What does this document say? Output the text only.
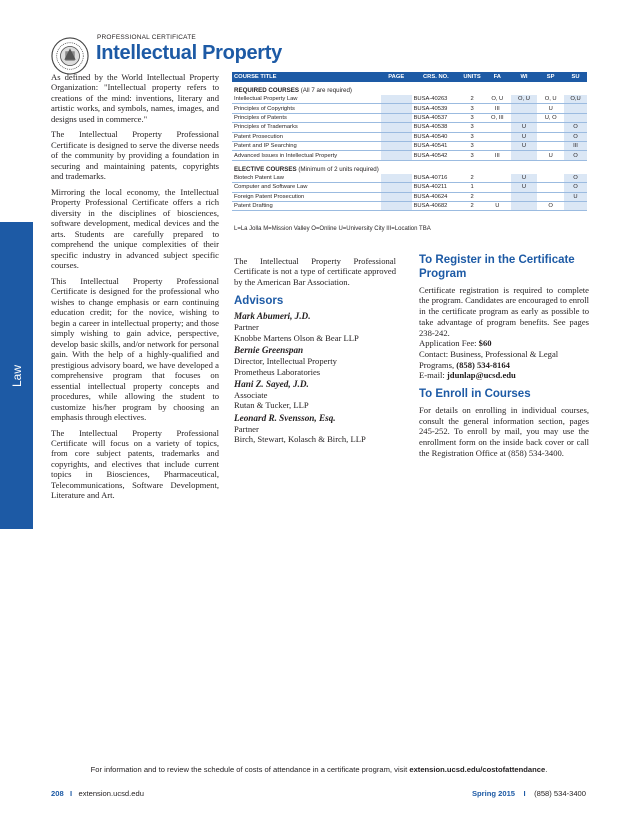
Law
PROFESSIONAL CERTIFICATE
Intellectual Property

As defined by the World Intellectual Property Organization: "Intellectual property refers to creations of the mind: inventions, literary and artistic works, and symbols, names, images, and designs used in commerce."

The Intellectual Property Professional Certificate is designed to serve the diverse needs of the community by providing a foundation in securing and maintaining patents, copyrights and trademarks.

Mirroring the local economy, the Intellectual Property Professional Certificate offers a rich diversity in the disciplines of biosciences, software development, medical devices and the arts. Students are carefully prepared to comprehend the unique complexities of their specific industry in advanced subject specific courses.

This Intellectual Property Professional Certificate is designed for the professional who wishes to change emphasis or earn continuing education credit; for the novice, wishing to begin a career in intellectual property; and those simply wishing to gain advice, perspective, develop basic skills, and/or network for personal gain. With the help of a highly-qualified and prestigious advisory board, we have developed a comprehensive program that focuses on essential intellectual property concepts and procedures, while allowing the student to customize his/her program by choosing an emphasis through electives.

The Intellectual Property Professional Certificate will focus on a variety of topics, from core subject patents, trademarks and copyrights, and electives that include current topics in Biosciences, Pharmaceutical, Telecommunications, Software Development, Literature and Art.

COURSE TITLE	PAGE	CRS. NO.	UNITS	FA	WI	SP	SU
REQUIRED COURSES (All 7 are required)							
Intellectual Property Law		BUSA-40263	2	O, U	O, U	O, U	O,U
Principles of Copyrights		BUSA-40539	3	III		U	
Principles of Patents		BUSA-40537	3	O, III		U, O	
Principles of Trademarks		BUSA-40538	3		U		O
Patent Prosecution		BUSA-40540	3		U		O
Patent and IP Searching		BUSA-40541	3		U		III
Advanced Issues in Intellectual Property		BUSA-40542	3	III		U	O
ELECTIVE COURSES (Minimum of 2 units required)							
Biotech Patent Law		BUSA-40716	2		U		O
Computer and Software Law		BUSA-40211	1		U		O
Foreign Patent Prosecution		BUSA-40624	2				U
Patent Drafting		BUSA-40682	2	U		O	
L=La Jolla M=Mission Valley O=Online U=University City III=Location TBA

The Intellectual Property Professional Certificate is not a type of certificate approved by the American Bar Association.

Advisors
Mark Abumeri, J.D.
Partner
Knobbe Martens Olson & Bear LLP
Bernie Greenspan
Director, Intellectual Property
Prometheus Laboratories
Hani Z. Sayed, J.D.
Associate
Rutan & Tucker, LLP
Leonard R. Svensson, Esq.
Partner
Birch, Stewart, Kolasch & Birch, LLP
To Register in the Certificate Program

Certificate registration is required to complete the program. Candidates are encouraged to enroll in the certificate program as early as possible to take advantage of program benefits. See pages 238-242.

Application Fee: $60
Contact: Business, Professional & Legal Programs, (858) 534-8164
E-mail: jdunlap@ucsd.edu
To Enroll in Courses

For details on enrolling in individual courses, consult the general information section, pages 245-252. To enroll by mail, you may use the enrollment form on the inside back cover or call the Registration Office at (858) 534-3400.

For information and to review the schedule of costs of attendance in a certificate program, visit extension.ucsd.edu/costofattendance.
208 I extension.ucsd.edu	Spring 2015 I (858) 534-3400
